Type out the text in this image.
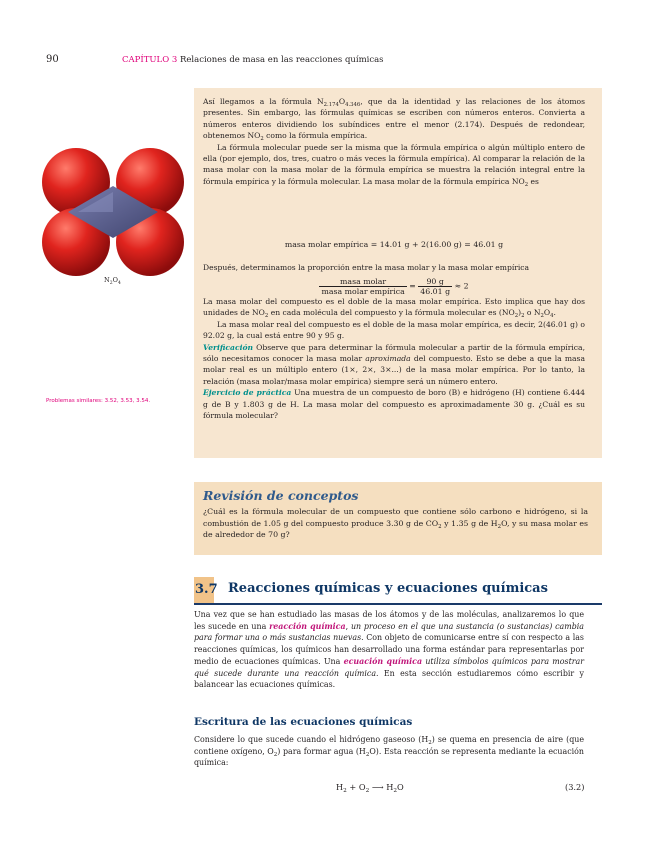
90	CAPÍTULO 3 Relaciones de masa en las reacciones químicas
$N_2O_4$
Problemas similares: 3.52, 3.53, 3.54.

Así llegamos a la fórmula $N_{2.174}O_{4.346}$, que da la identidad y las relaciones de los átomos presentes. Sin embargo, las fórmulas químicas se escriben con números enteros. Convierta a números enteros dividiendo los subíndices entre el menor (2.174). Después de redondear, obtenemos $NO_2$ como la fórmula empírica.

La fórmula molecular puede ser la misma que la fórmula empírica o algún múltiplo entero de ella (por ejemplo, dos, tres, cuatro o más veces la fórmula empírica). Al comparar la relación de la masa molar con la masa molar de la fórmula empírica se muestra la relación integral entre la fórmula empírica y la fórmula molecular. La masa molar de la fórmula empírica $NO_2$ es

masa molar empírica = 14.01 g + 2(16.00 g) = 46.01 g
Después, determinamos la proporción entre la masa molar y la masa molar empírica
$\frac{\text{masa molar}}{\text{masa molar empírica}} = \frac{90 g}{46.01 g} \approx 2$

La masa molar del compuesto es el doble de la masa molar empírica. Esto implica que hay dos unidades de $NO_2$ en cada molécula del compuesto y la fórmula molecular es $(NO_2)_2$ o $N_2O_4$.

La masa molar real del compuesto es el doble de la masa molar empírica, es decir, 2(46.01 g) o 92.02 g, la cual está entre 90 y 95 g.

Verificación Observe que para determinar la fórmula molecular a partir de la fórmula empírica, sólo necesitamos conocer la masa molar aproximada del compuesto. Esto se debe a que la masa molar real es un múltiplo entero (1×, 2×, 3×...) de la masa molar empírica. Por lo tanto, la relación (masa molar/masa molar empírica) siempre será un número entero.

Ejercicio de práctica Una muestra de un compuesto de boro (B) e hidrógeno (H) contiene 6.444 g de B y 1.803 g de H. La masa molar del compuesto es aproximadamente 30 g. ¿Cuál es su fórmula molecular?

Revisión de conceptos
¿Cuál es la fórmula molecular de un compuesto que contiene sólo carbono e hidrógeno, si la combustión de 1.05 g del compuesto produce 3.30 g de $CO_2$ y 1.35 g de $H_2O$, y su masa molar es de alrededor de 70 g?
3.7 Reacciones químicas y ecuaciones químicas

Una vez que se han estudiado las masas de los átomos y de las moléculas, analizaremos lo que les sucede en una reacción química, un proceso en el que una sustancia (o sustancias) cambia para formar una o más sustancias nuevas. Con objeto de comunicarse entre sí con respecto a las reacciones químicas, los químicos han desarrollado una forma estándar para representarlas por medio de ecuaciones químicas. Una ecuación química utiliza símbolos químicos para mostrar qué sucede durante una reacción química. En esta sección estudiaremos cómo escribir y balancear las ecuaciones químicas.

Escritura de las ecuaciones químicas

Considere lo que sucede cuando el hidrógeno gaseoso $(H_2)$ se quema en presencia de aire (que contiene oxígeno, $O_2$) para formar agua $(H_2O)$. Esta reacción se representa mediante la ecuación química:

$H_2 + O_2$ ⟶ $H_2O$	(3.2)
